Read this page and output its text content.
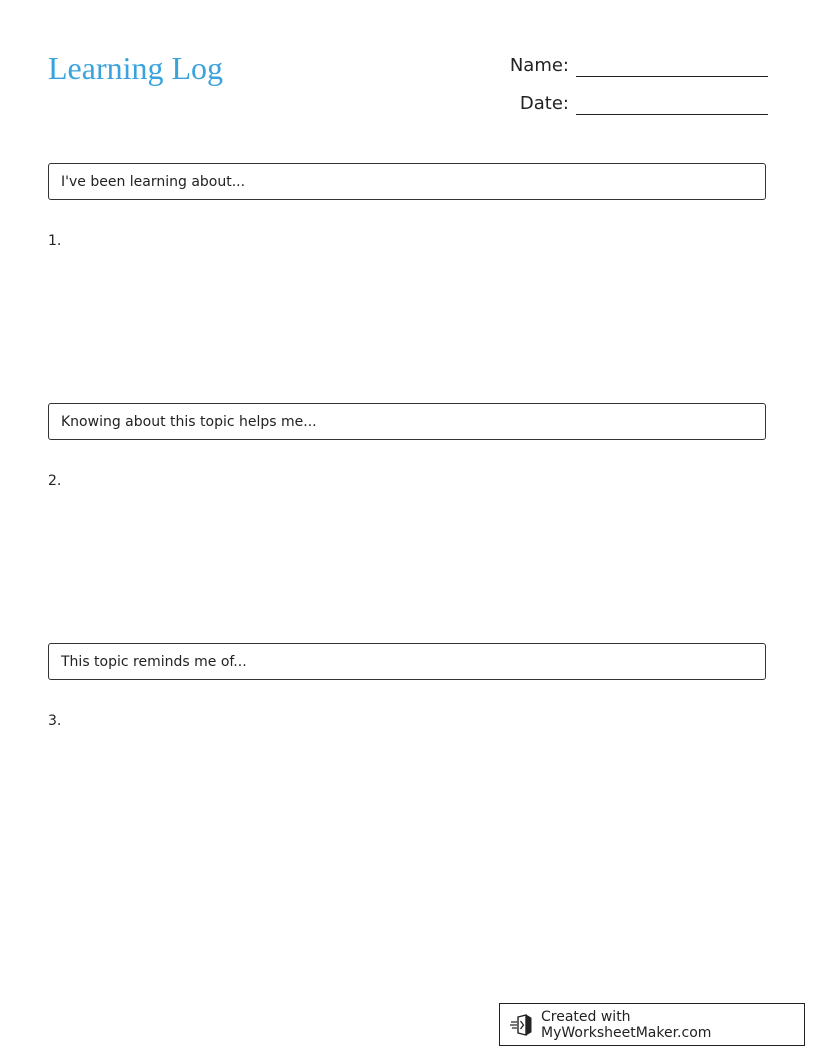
Learning Log	Name:
Date:
I've been learning about...
1.
Knowing about this topic helps me...
2.
This topic reminds me of...
3.
Created with MyWorksheetMaker.com
